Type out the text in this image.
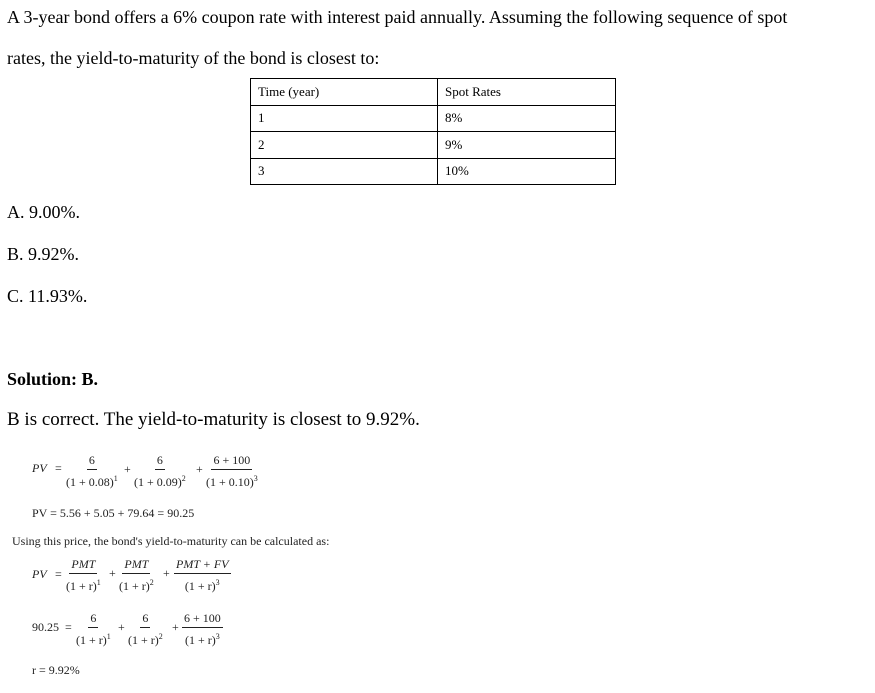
A 3-year bond offers a 6% coupon rate with interest paid annually. Assuming the following sequence of spot
rates, the yield-to-maturity of the bond is closest to:
Time (year)	Spot Rates
1	8%
2	9%
3	10%
A. 9.00%.
B. 9.92%.
C. 11.93%.
Solution: B.
B is correct. The yield-to-maturity is closest to 9.92%.
PV = $\frac{6}{(1 + 0.08)^1} + \frac{6}{(1 + 0.09)^2} + \frac{6 + 100}{(1 + 0.10)^3}$
PV = 5.56 + 5.05 + 79.64 = 90.25
Using this price, the bond's yield-to-maturity can be calculated as:
PV =
PMT
$(1 + r)^1$
+
PMT
$(1 + r)^2$
+
PMT + FV
$(1 + r)^3$
$90.25 = \frac{6}{(1 + r)^1} + \frac{6}{(1 + r)^2} + \frac{6 + 100}{(1 + r)^3}$
r = 9.92%
